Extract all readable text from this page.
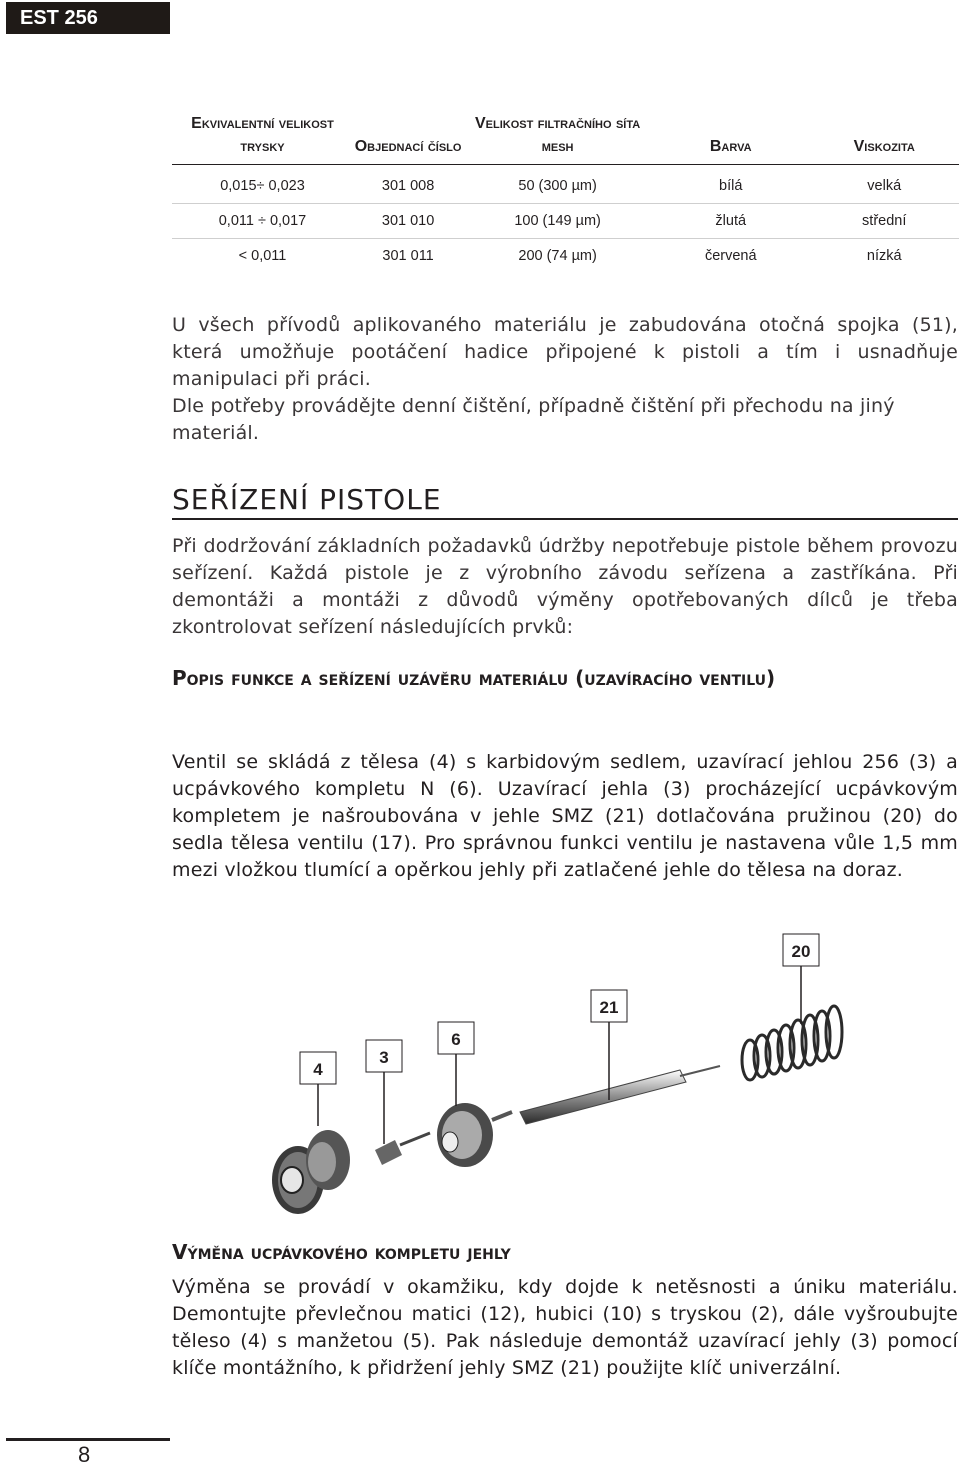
EST 256
Ekvivalentní velikost trysky	Objednací číslo	Velikost filtračního síta mesh	Barva	Viskozita
0,015÷ 0,023	301 008	50 (300 µm)	bílá	velká
0,011 ÷ 0,017	301 010	100 (149 µm)	žlutá	střední
< 0,011	301 011	200 (74 µm)	červená	nízká

U všech přívodů aplikovaného materiálu je zabudována otočná spojka (51), která umožňuje pootáčení hadice připojené k pistoli a tím i usnadňuje manipulaci při práci.

Dle potřeby provádějte denní čištění, případně čištění při přechodu na jiný materiál.

SEŘÍZENÍ PISTOLE

Při dodržování základních požadavků údržby nepotřebuje pistole během provozu seřízení. Každá pistole je z výrobního závodu seřízena a zastříkána. Při demontáži a montáži z důvodů výměny opotřebovaných dílců je třeba zkontrolovat seřízení následujících prvků:

Popis funkce a seřízení uzávěru materiálu (uzavíracího ventilu)

Ventil se skládá z tělesa (4) s karbidovým sedlem, uzavírací jehlou 256 (3) a ucpávkového kompletu N (6). Uzavírací jehla (3) procházející ucpávkovým kompletem je našroubována v jehle SMZ (21) dotlačována pružinou (20) do sedla tělesa ventilu (17). Pro správnou funkci ventilu je nastavena vůle 1,5 mm mezi vložkou tlumící a opěrkou jehly při zatlačené jehle do tělesa na doraz.

4
3
6
21
20
Výměna ucpávkového kompletu jehly

Výměna se provádí v okamžiku, kdy dojde k netěsnosti a úniku materiálu. Demontujte převlečnou matici (12), hubici (10) s tryskou (2), dále vyšroubujte těleso (4) s manžetou (5). Pak následuje demontáž uzavírací jehly (3) pomocí klíče montážního, k přidržení jehly SMZ (21) použijte klíč univerzální.

8
